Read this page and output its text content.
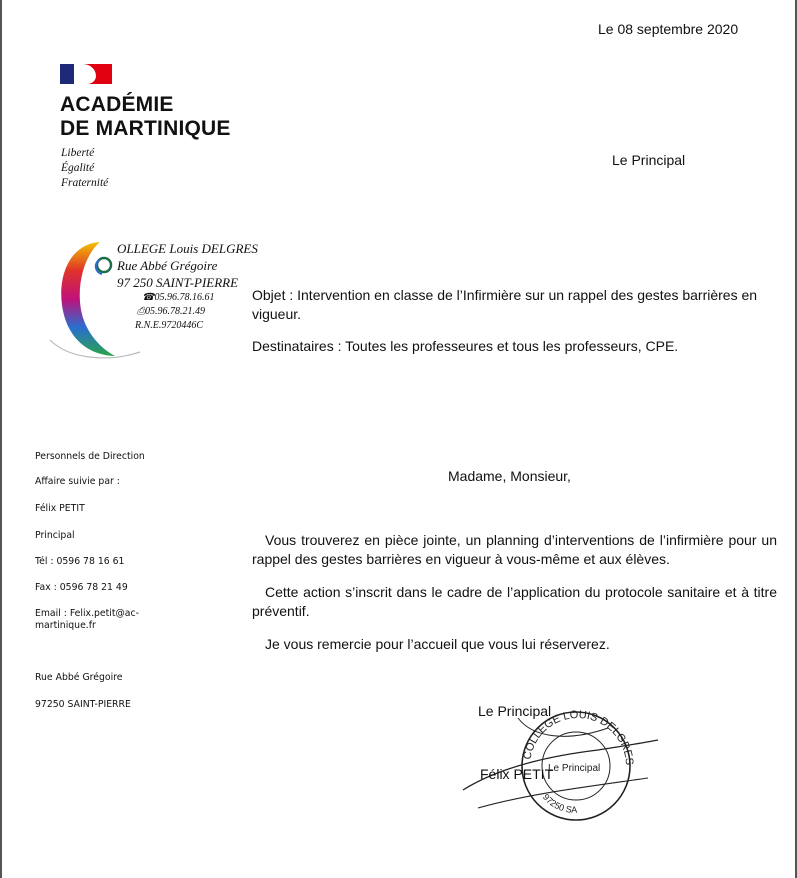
Le 08 septembre 2020
ACADÉMIE
DE MARTINIQUE
Liberté
Égalité
Fraternité
Le Principal
OLLEGE Louis DELGRES
Rue Abbé Grégoire
97 250 SAINT-PIERRE
☎05.96.78.16.61
⎙05.96.78.21.49
R.N.E.9720446C
Objet : Intervention en classe de l’Infirmière sur un rappel des gestes barrières en vigueur.
Destinataires : Toutes les professeures et tous les professeurs, CPE.
Personnels de Direction
Affaire suivie par :
Félix PETIT
Principal
Tél : 0596 78 16 61
Fax : 0596 78 21 49
Email : Felix.petit@ac-
martinique.fr
Rue Abbé Grégoire
97250 SAINT-PIERRE
Madame, Monsieur,
Vous trouverez en pièce jointe, un planning d’interventions de l’infirmière pour un rappel des gestes barrières en vigueur à vous-même et aux élèves.
Cette action s’inscrit dans le cadre de l’application du protocole sanitaire et à titre préventif.
Je vous remercie pour l’accueil que vous lui réserverez.
COLLEGE LOUIS DELGRES
97250 SA
Le Principal
Le Principal
Félix PETIT
